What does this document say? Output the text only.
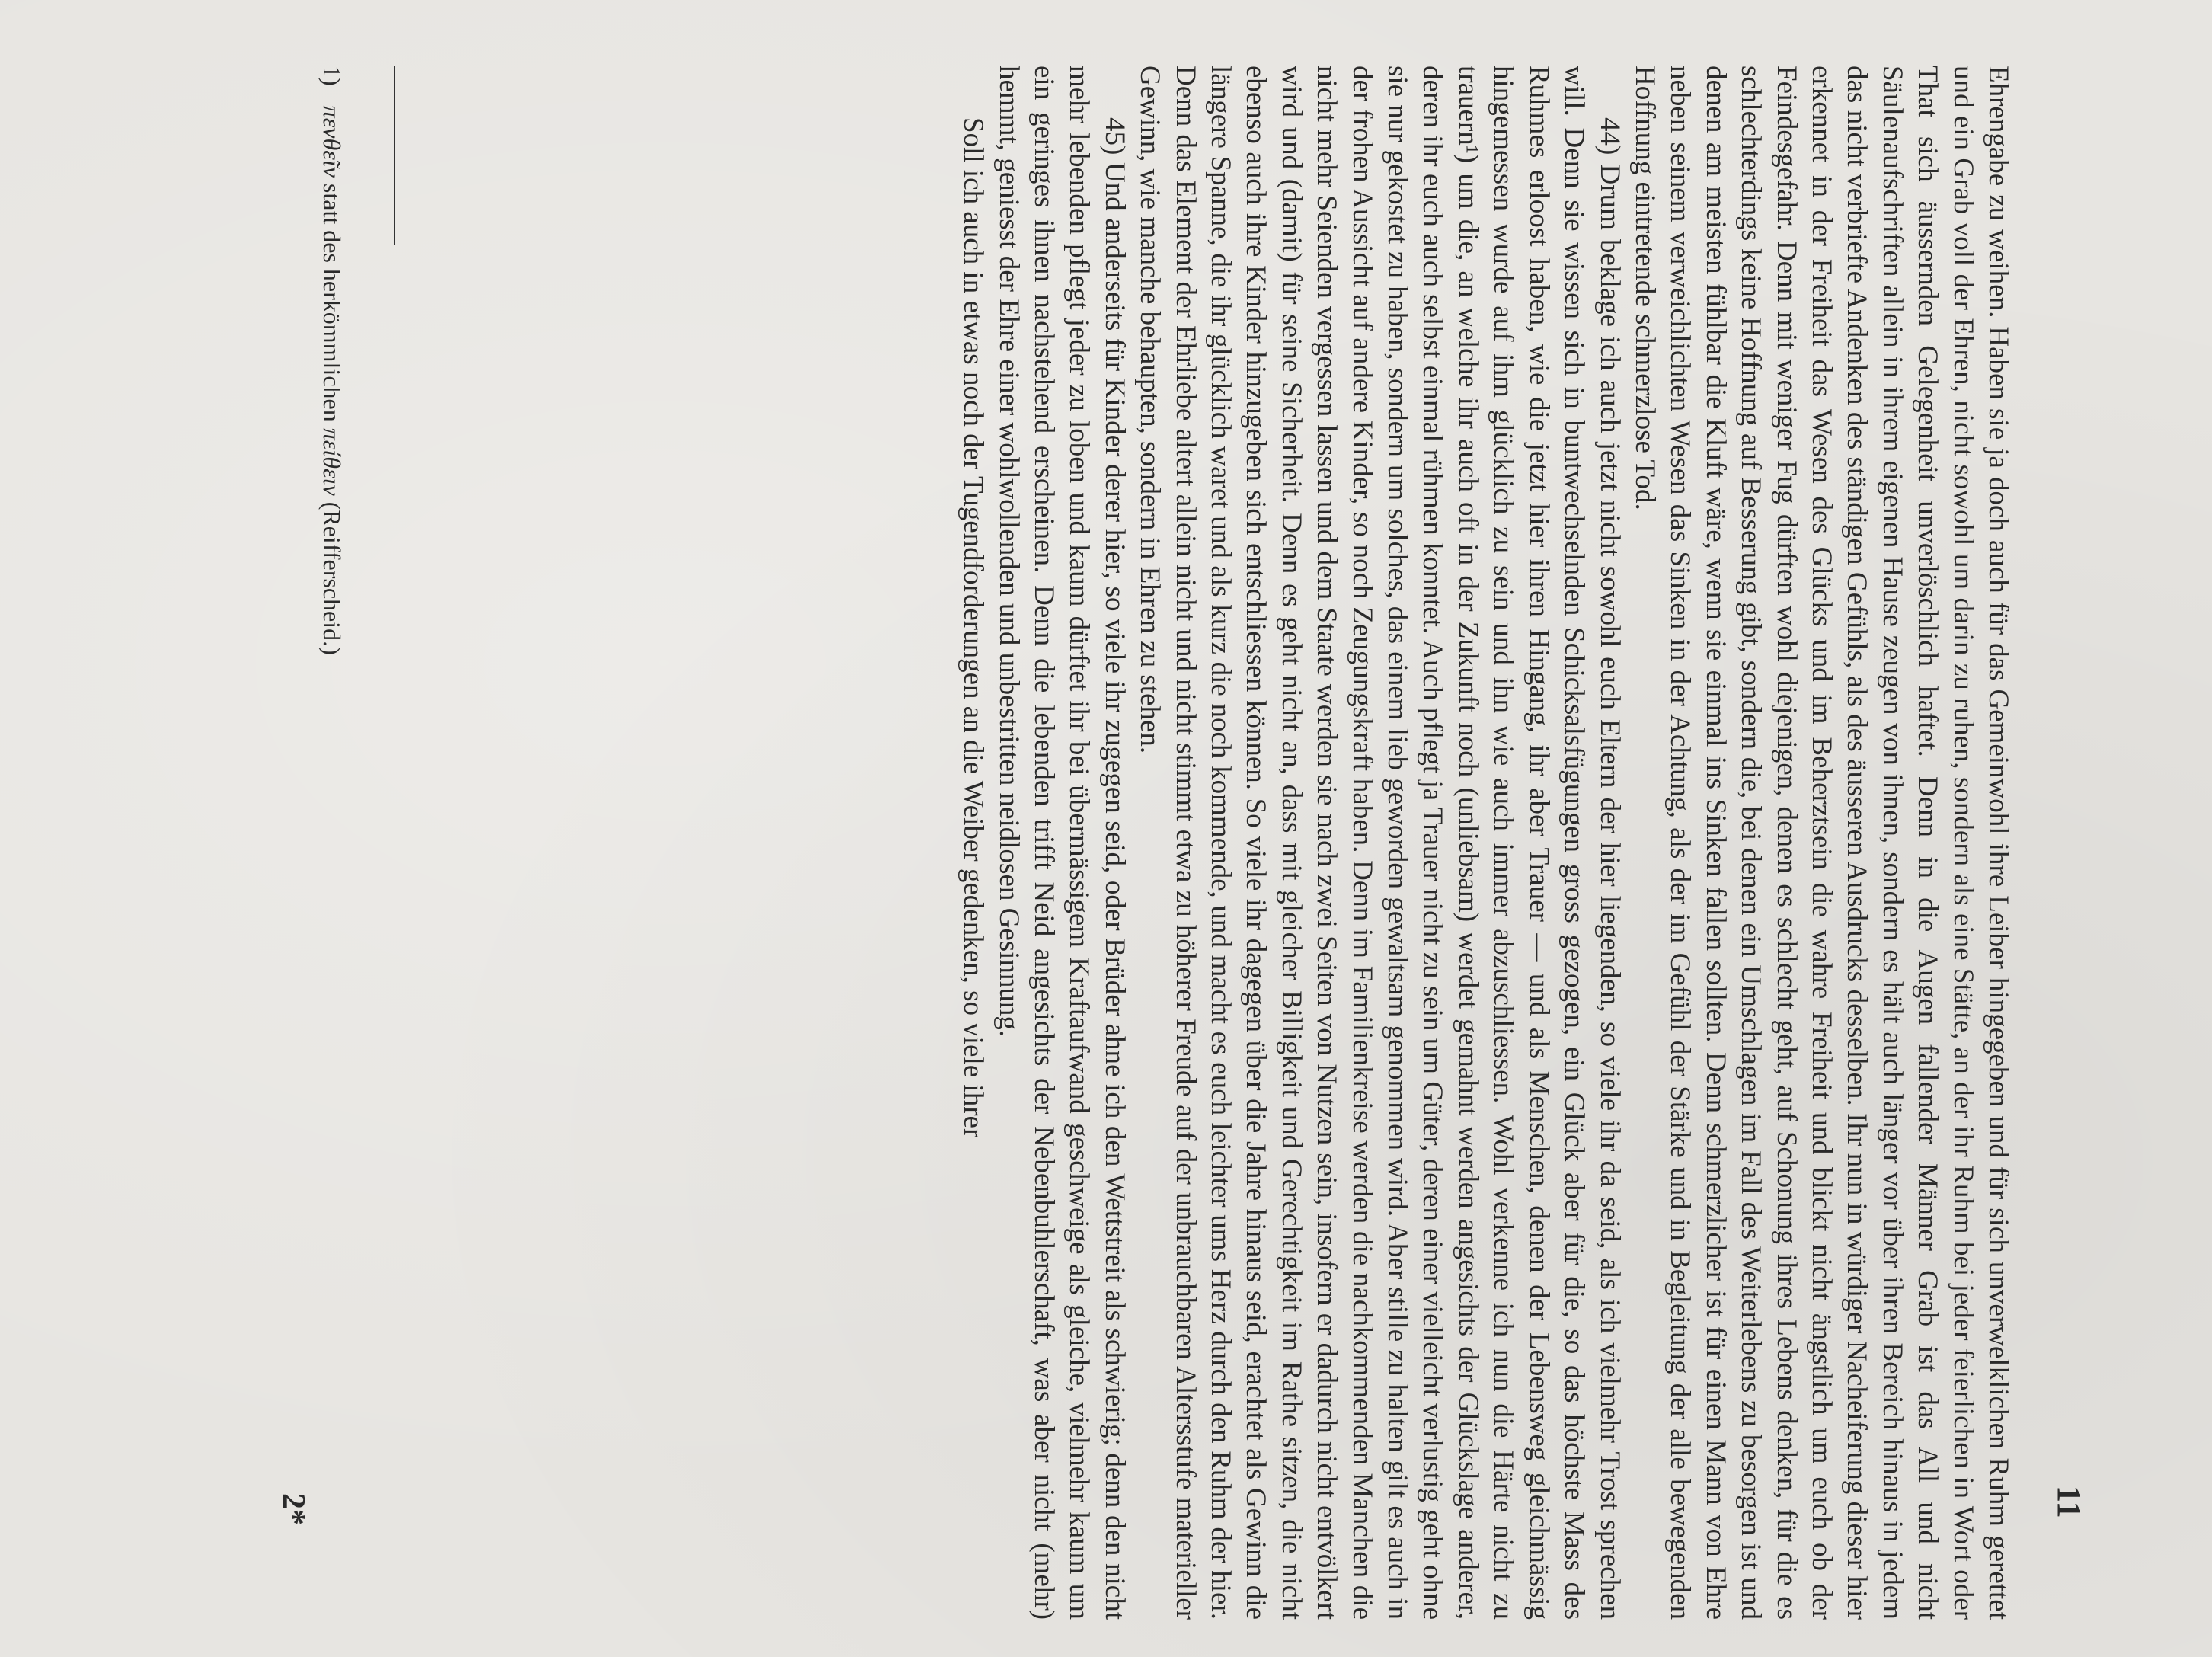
11

Ehrengabe zu weihen. Haben sie ja doch auch für das Gemeinwohl ihre Leiber hingegeben und für sich unverwelklichen Ruhm gerettet und ein Grab voll der Ehren, nicht sowohl um darin zu ruhen, sondern als eine Stätte, an der ihr Ruhm bei jeder feierlichen in Wort oder That sich äussernden Gelegenheit unverlöschlich haftet. Denn in die Augen fallender Männer Grab ist das All und nicht Säulenaufschriften allein in ihrem eigenen Hause zeugen von ihnen, sondern es hält auch länger vor über ihren Bereich hinaus in jedem das nicht verbriefte Andenken des ständigen Gefühls, als des äusseren Ausdrucks desselben. Ihr nun in würdiger Nacheiferung dieser hier erkennet in der Freiheit das Wesen des Glücks und im Beherztsein die wahre Freiheit und blickt nicht ängstlich um euch ob der Feindesgefahr. Denn mit weniger Fug dürften wohl diejenigen, denen es schlecht geht, auf Schonung ihres Lebens denken, für die es schlechterdings keine Hoffnung auf Besserung gibt, sondern die, bei denen ein Umschlagen im Fall des Weiterlebens zu besorgen ist und denen am meisten fühlbar die Kluft wäre, wenn sie einmal ins Sinken fallen sollten. Denn schmerzlicher ist für einen Mann von Ehre neben seinem verweichlichten Wesen das Sinken in der Achtung, als der im Gefühl der Stärke und in Begleitung der alle bewegenden Hoffnung eintretende schmerzlose Tod.

44) Drum beklage ich auch jetzt nicht sowohl euch Eltern der hier liegenden, so viele ihr da seid, als ich vielmehr Trost sprechen will. Denn sie wissen sich in buntwechselnden Schicksalsfügungen gross gezogen, ein Glück aber für die, so das höchste Mass des Ruhmes erloost haben, wie die jetzt hier ihren Hingang, ihr aber Trauer — und als Menschen, denen der Lebensweg gleichmässig hingemessen wurde auf ihm glücklich zu sein und ihn wie auch immer abzuschliessen. Wohl verkenne ich nun die Härte nicht zu trauern¹) um die, an welche ihr auch oft in der Zukunft noch (unliebsam) werdet gemahnt werden angesichts der Glückslage anderer, deren ihr euch auch selbst einmal rühmen konntet. Auch pflegt ja Trauer nicht zu sein um Güter, deren einer vielleicht verlustig geht ohne sie nur gekostet zu haben, sondern um solches, das einem lieb geworden gewaltsam genommen wird. Aber stille zu halten gilt es auch in der frohen Aussicht auf andere Kinder, so noch Zeugungskraft haben. Denn im Familienkreise werden die nachkommenden Manchen die nicht mehr Seienden vergessen lassen und dem Staate werden sie nach zwei Seiten von Nutzen sein, insofern er dadurch nicht entvölkert wird und (damit) für seine Sicherheit. Denn es geht nicht an, dass mit gleicher Billigkeit und Gerechtigkeit im Rathe sitzen, die nicht ebenso auch ihre Kinder hinzugeben sich entschliessen können. So viele ihr dagegen über die Jahre hinaus seid, erachtet als Gewinn die längere Spanne, die ihr glücklich waret und als kurz die noch kommende, und macht es euch leichter ums Herz durch den Ruhm der hier. Denn das Element der Ehrliebe altert allein nicht und nicht stimmt etwa zu höherer Freude auf der unbrauchbaren Altersstufe materieller Gewinn, wie manche behaupten, sondern in Ehren zu stehen.

45) Und anderseits für Kinder derer hier, so viele ihr zugegen seid, oder Brüder ahne ich den Wettstreit als schwierig; denn den nicht mehr lebenden pflegt jeder zu loben und kaum dürftet ihr bei übermässigem Kraftaufwand geschweige als gleiche, vielmehr kaum um ein geringes ihnen nachstehend erscheinen. Denn die lebenden trifft Neid angesichts der Nebenbuhlerschaft, was aber nicht (mehr) hemmt, geniesst der Ehre einer wohlwollenden und unbestritten neidlosen Gesinnung.

Soll ich auch in etwas noch der Tugendforderungen an die Weiber gedenken, so viele ihrer

1)πενθεῖν statt des herkömmlichen πείθειν (Reifferscheid.)
2*
